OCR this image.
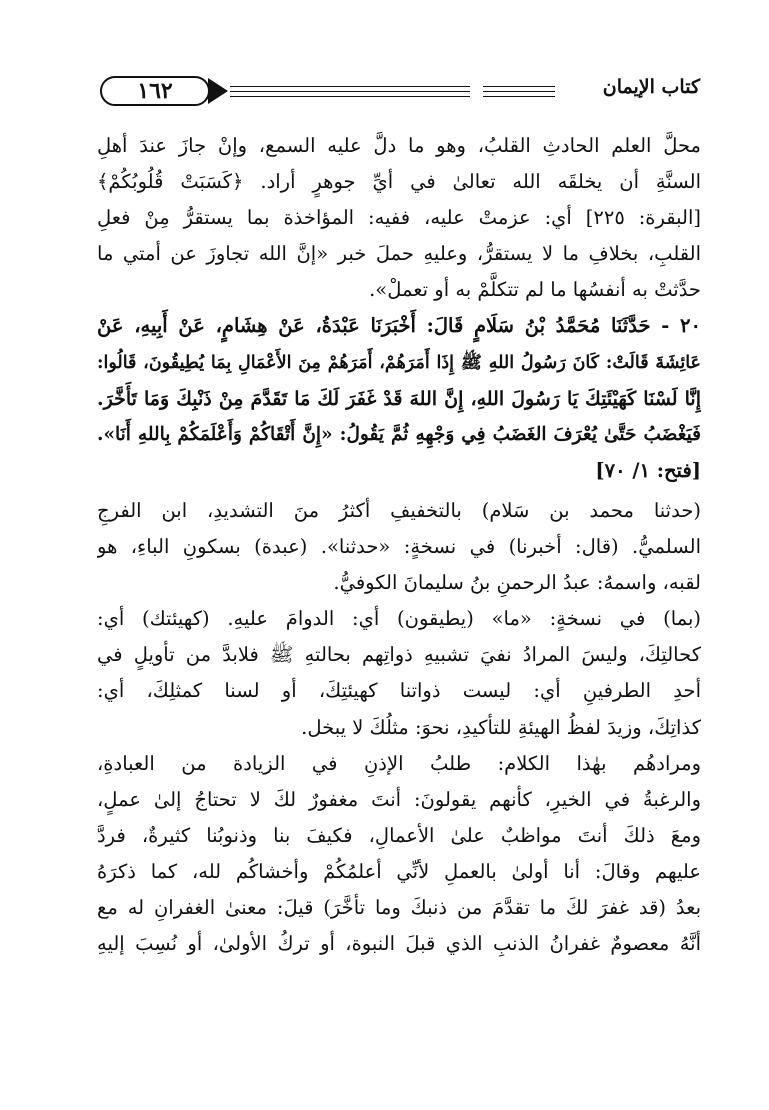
كتاب الإيمان
١٦٢
محلَّ العلم الحادثِ القلبُ، وهو ما دلَّ عليه السمع، وإنْ جازَ عندَ أهلِ
السنَّةِ أن يخلقَه الله تعالىٰ في أيِّ جوهرٍ أراد. ﴿كَسَبَتْ قُلُوبُكُمْ﴾
[البقرة: ٢٢٥] أي: عزمتْ عليه، ففيه: المؤاخذة بما يستقرُّ مِنْ فعلِ
القلبِ، بخلافِ ما لا يستقرُّ، وعليهِ حملَ خبر «إنَّ الله تجاوزَ عن أمتي ما
حدَّثتْ به أنفسُها ما لم تتكلَّمْ به أو تعملْ».
٢٠ - حَدَّثَنَا مُحَمَّدُ بْنُ سَلَامٍ قَالَ: أَخْبَرَنَا عَبْدَةُ، عَنْ هِشَامٍ، عَنْ أَبِيهِ، عَنْ
عَائِشَةَ قَالَتْ: كَانَ رَسُولُ اللهِ ﷺ إِذَا أَمَرَهُمْ، أَمَرَهُمْ مِنَ الأَعْمَالِ بِمَا يُطِيقُونَ، قَالُوا:
إِنَّا لَسْنَا كَهَيْئَتِكَ يَا رَسُولَ اللهِ، إِنَّ اللهَ قَدْ غَفَرَ لَكَ مَا تَقَدَّمَ مِنْ ذَنْبِكَ وَمَا تَأَخَّرَ.
فَيَغْضَبُ حَتَّىٰ يُعْرَفَ الغَضَبُ فِي وَجْهِهِ ثُمَّ يَقُولُ: «إِنَّ أَتْقَاكُمْ وَأَعْلَمَكُمْ بِاللهِ أَنَا».
[فتح: ١/ ٧٠]
(حدثنا محمد بن سَلام) بالتخفيفِ أكثرُ منَ التشديدِ، ابن الفرجِ
السلميُّ. (قال: أخبرنا) في نسخةٍ: «حدثنا». (عبدة) بسكونِ الباءِ، هو
لقبه، واسمهُ: عبدُ الرحمنِ بنُ سليمانَ الكوفيُّ.
(بما) في نسخةٍ: «ما» (يطيقون) أي: الدوامَ عليهِ. (كهيئتك) أي:
كحالتِكَ، وليسَ المرادُ نفيَ تشبيهِ ذواتِهم بحالتهِ ﷺ فلابدَّ من تأويلٍ في
أحدِ الطرفينِ أي: ليست ذواتنا كهيئتِكَ، أو لسنا كمثلِكَ، أي:
كذاتِكَ، وزيدَ لفظُ الهيئةِ للتأكيدِ، نحوَ: مثلُكَ لا يبخل.
ومرادهُم بهٰذا الكلام: طلبُ الإذنِ في الزيادة من العبادةِ،
والرغبةُ في الخيرِ، كأنهم يقولونَ: أنتَ مغفورٌ لكَ لا تحتاجُ إلىٰ عملٍ،
ومعَ ذلكَ أنتَ مواظبٌ علىٰ الأعمالِ، فكيفَ بنا وذنوبُنا كثيرةٌ، فردَّ
عليهم وقالَ: أنا أولىٰ بالعملِ لأنِّي أعلمُكُمْ وأخشاكُم لله، كما ذكرَهُ
بعدُ (قد غفرَ لكَ ما تقدَّمَ من ذنبكَ وما تأخَّرَ) قيلَ: معنىٰ الغفرانِ له مع
أنَّهُ معصومٌ غفرانُ الذنبِ الذي قبلَ النبوة، أو تركُ الأولىٰ، أو نُسِبَ إليهِ
